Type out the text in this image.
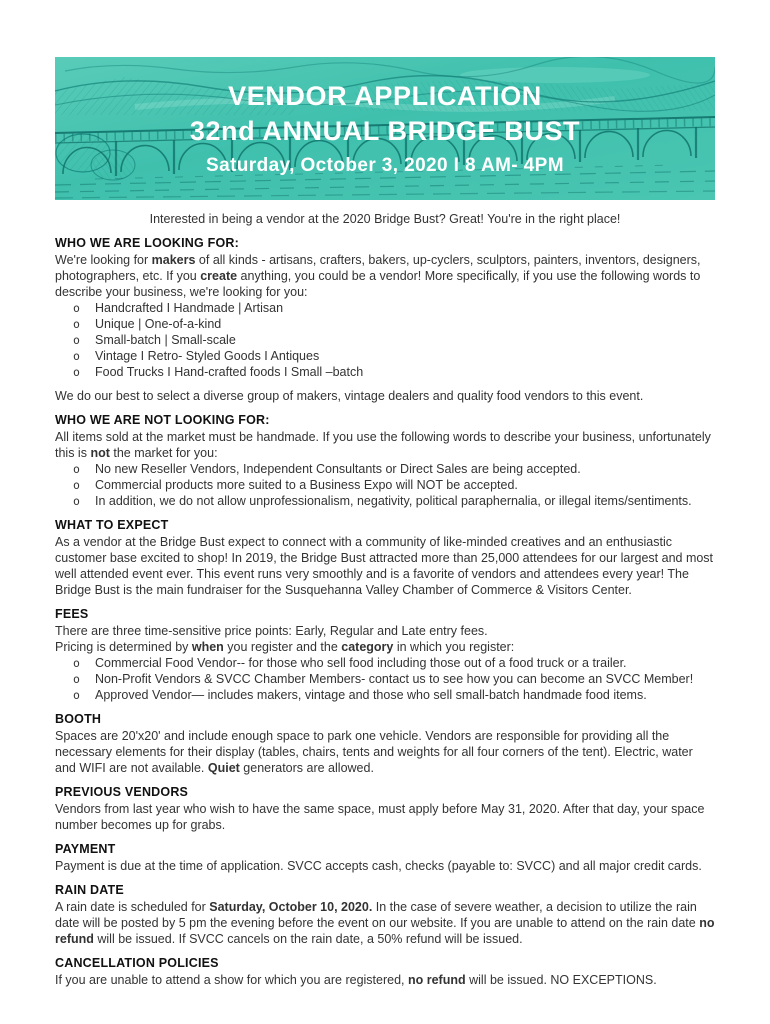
VENDOR APPLICATION
32nd ANNUAL BRIDGE BUST
Saturday, October 3, 2020 I 8 AM- 4PM

Interested in being a vendor at the 2020 Bridge Bust? Great! You're in the right place!

WHO WE ARE LOOKING FOR:

We're looking for makers of all kinds - artisans, crafters, bakers, up-cyclers, sculptors, painters, inventors, designers, photographers, etc. If you create anything, you could be a vendor! More specifically, if you use the following words to describe your business, we're looking for you:

o	Handcrafted I Handmade | Artisan
o	Unique | One-of-a-kind
o	Small-batch | Small-scale
o	Vintage I Retro- Styled Goods I Antiques
o	Food Trucks I Hand-crafted foods I Small –batch

We do our best to select a diverse group of makers, vintage dealers and quality food vendors to this event.

WHO WE ARE NOT LOOKING FOR:

All items sold at the market must be handmade. If you use the following words to describe your business, unfortunately this is not the market for you:

o	No new Reseller Vendors, Independent Consultants or Direct Sales are being accepted.
o	Commercial products more suited to a Business Expo will NOT be accepted.
o	In addition, we do not allow unprofessionalism, negativity, political paraphernalia, or illegal items/sentiments.
WHAT TO EXPECT

As a vendor at the Bridge Bust expect to connect with a community of like-minded creatives and an enthusiastic customer base excited to shop! In 2019, the Bridge Bust attracted more than 25,000 attendees for our largest and most well attended event ever. This event runs very smoothly and is a favorite of vendors and attendees every year! The Bridge Bust is the main fundraiser for the Susquehanna Valley Chamber of Commerce & Visitors Center.

FEES

There are three time-sensitive price points: Early, Regular and Late entry fees.

Pricing is determined by when you register and the category in which you register:

o	Commercial Food Vendor-- for those who sell food including those out of a food truck or a trailer.
o	Non-Profit Vendors & SVCC Chamber Members- contact us to see how you can become an SVCC Member!
o	Approved Vendor— includes makers, vintage and those who sell small-batch handmade food items.
BOOTH

Spaces are 20'x20' and include enough space to park one vehicle. Vendors are responsible for providing all the necessary elements for their display (tables, chairs, tents and weights for all four corners of the tent). Electric, water and WIFI are not available. Quiet generators are allowed.

PREVIOUS VENDORS

Vendors from last year who wish to have the same space, must apply before May 31, 2020. After that day, your space number becomes up for grabs.

PAYMENT

Payment is due at the time of application. SVCC accepts cash, checks (payable to: SVCC) and all major credit cards.

RAIN DATE

A rain date is scheduled for Saturday, October 10, 2020. In the case of severe weather, a decision to utilize the rain date will be posted by 5 pm the evening before the event on our website. If you are unable to attend on the rain date no refund will be issued. If SVCC cancels on the rain date, a 50% refund will be issued.

CANCELLATION POLICIES

If you are unable to attend a show for which you are registered, no refund will be issued. NO EXCEPTIONS.
